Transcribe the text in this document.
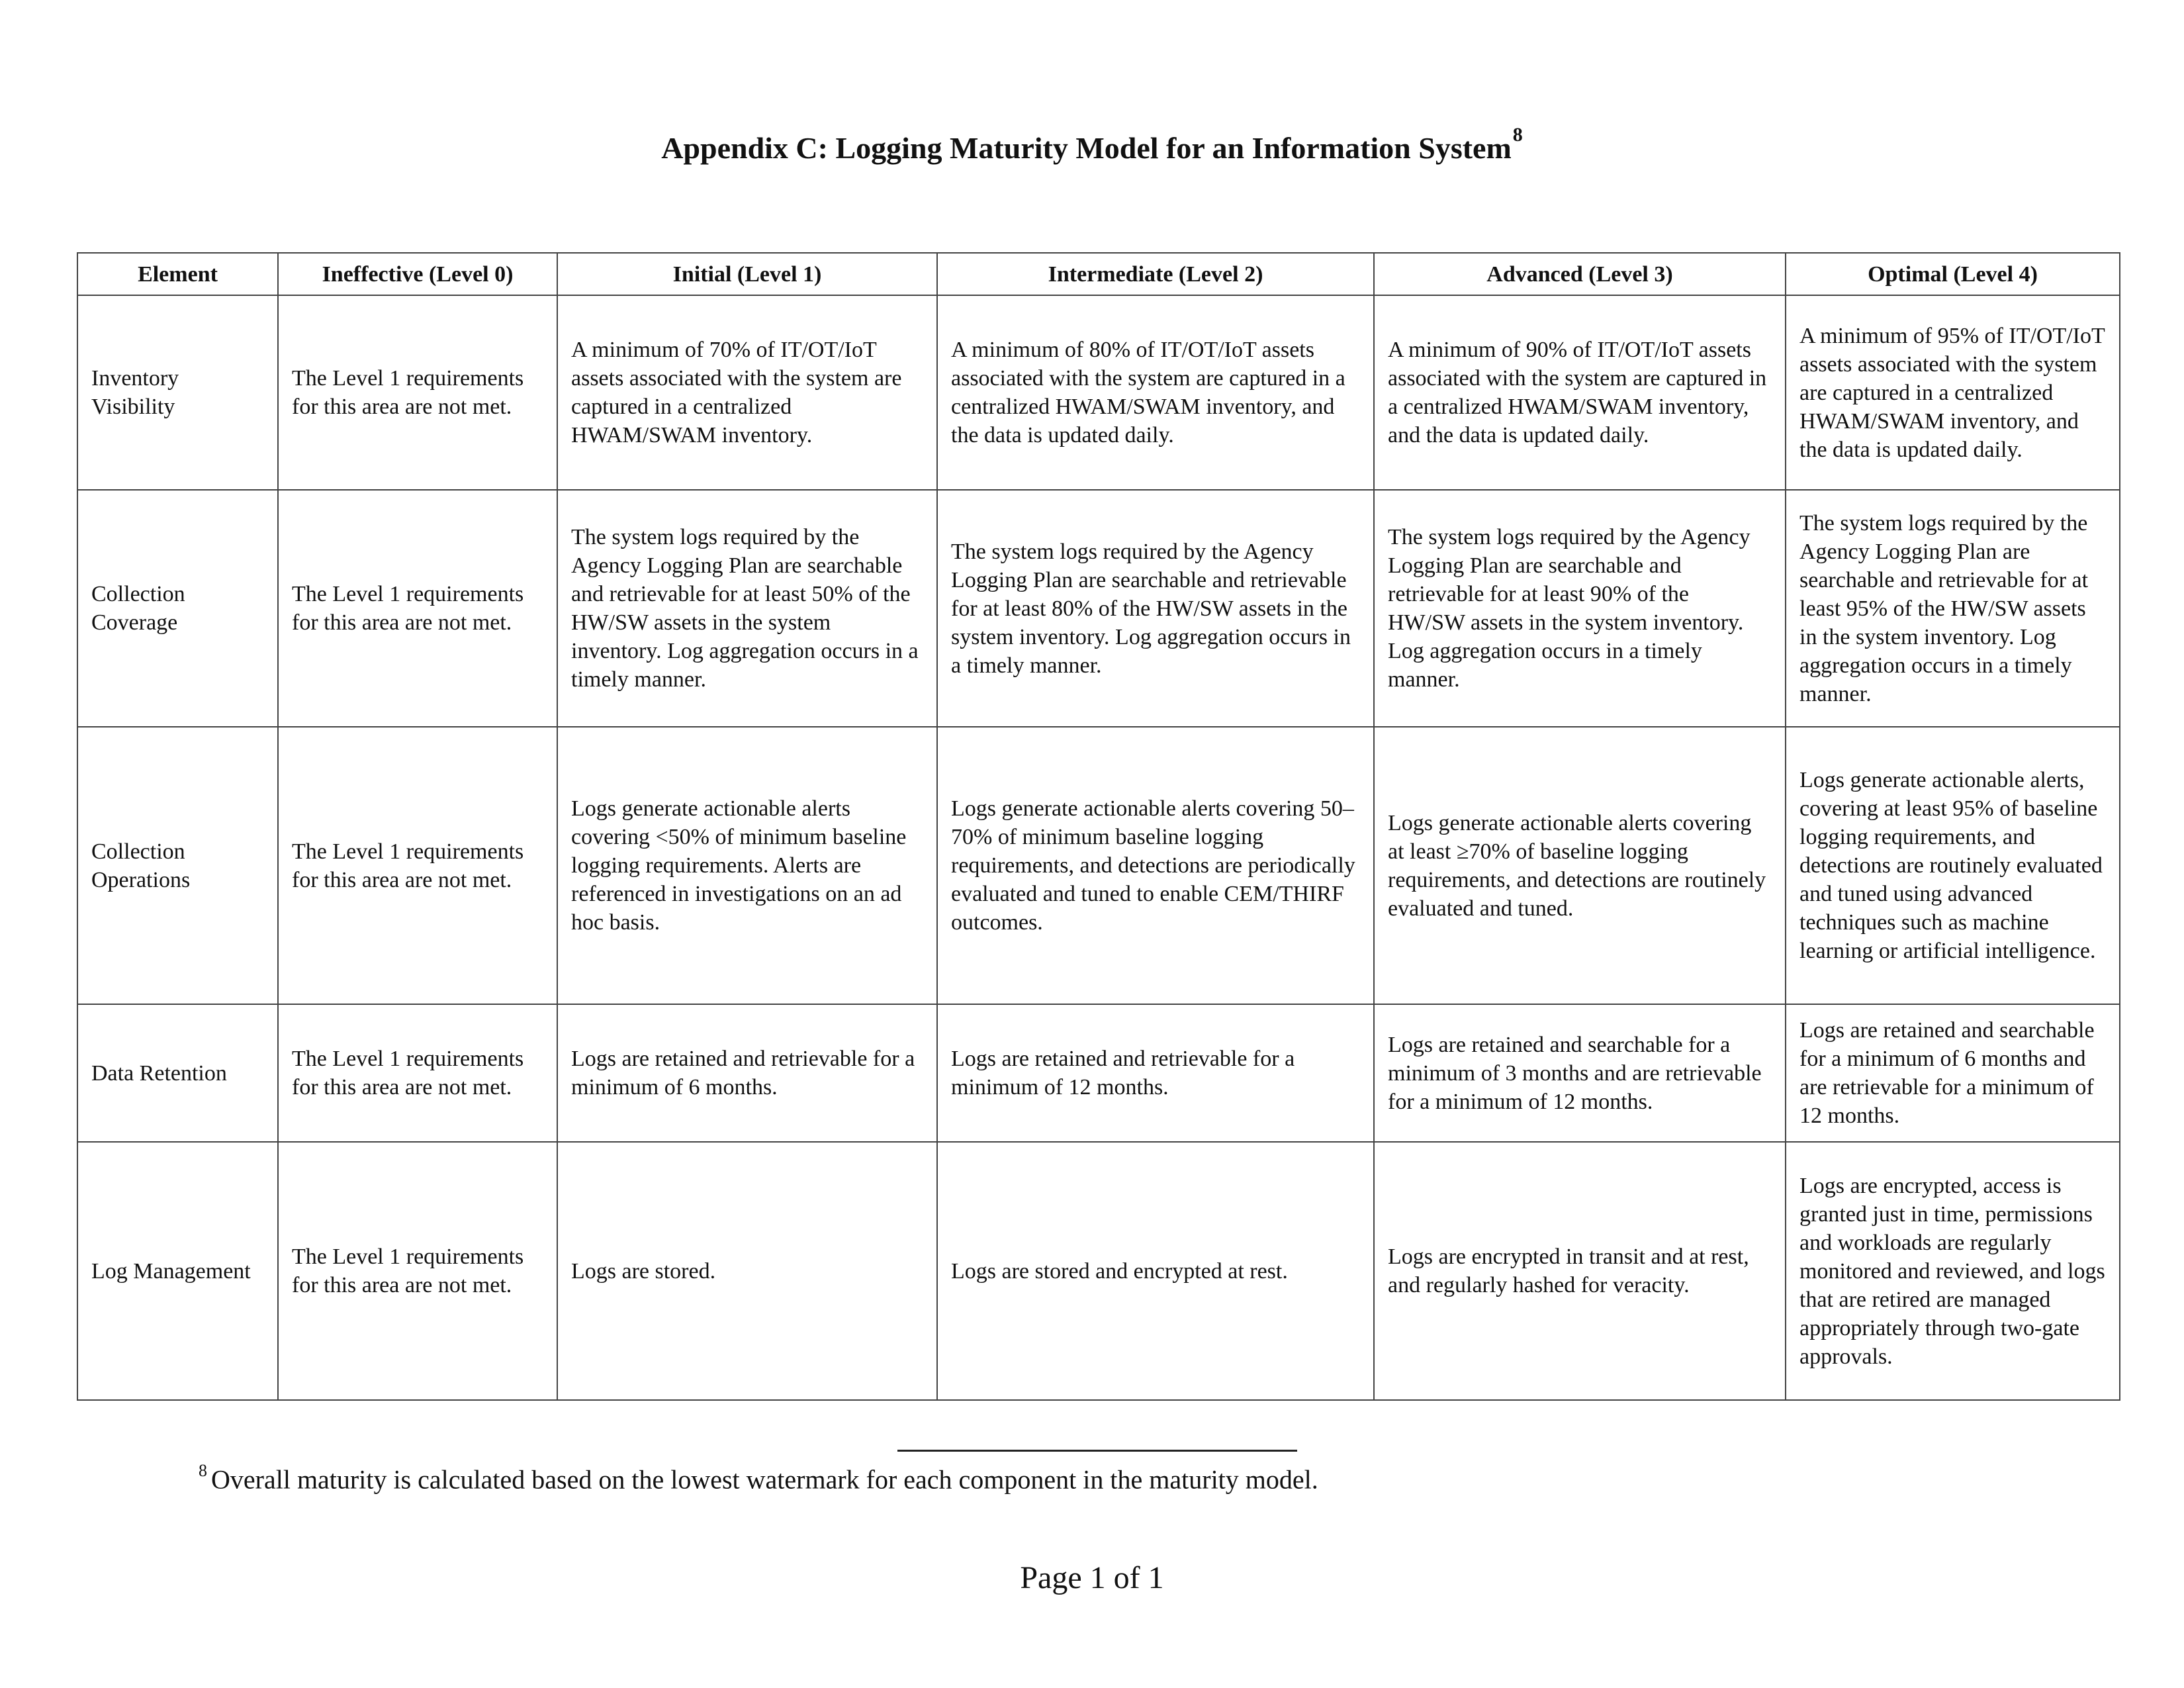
Appendix C: Logging Maturity Model for an Information System$^8$
Element	Ineffective (Level 0)	Initial (Level 1)	Intermediate (Level 2)	Advanced (Level 3)	Optimal (Level 4)
Inventory Visibility	The Level 1 requirements for this area are not met.	A minimum of 70% of IT/OT/IoT assets associated with the system are captured in a centralized HWAM/SWAM inventory.	A minimum of 80% of IT/OT/IoT assets associated with the system are captured in a centralized HWAM/SWAM inventory, and the data is updated daily.	A minimum of 90% of IT/OT/IoT assets associated with the system are captured in a centralized HWAM/SWAM inventory, and the data is updated daily.	A minimum of 95% of IT/OT/IoT assets associated with the system are captured in a centralized HWAM/SWAM inventory, and the data is updated daily.
Collection Coverage	The Level 1 requirements for this area are not met.	The system logs required by the Agency Logging Plan are searchable and retrievable for at least 50% of the HW/SW assets in the system inventory. Log aggregation occurs in a timely manner.	The system logs required by the Agency Logging Plan are searchable and retrievable for at least 80% of the HW/SW assets in the system inventory. Log aggregation occurs in a timely manner.	The system logs required by the Agency Logging Plan are searchable and retrievable for at least 90% of the HW/SW assets in the system inventory. Log aggregation occurs in a timely manner.	The system logs required by the Agency Logging Plan are searchable and retrievable for at least 95% of the HW/SW assets in the system inventory. Log aggregation occurs in a timely manner.
Collection Operations	The Level 1 requirements for this area are not met.	Logs generate actionable alerts covering <50% of minimum baseline logging requirements. Alerts are referenced in investigations on an ad hoc basis.	Logs generate actionable alerts covering 50–70% of minimum baseline logging requirements, and detections are periodically evaluated and tuned to enable CEM/THIRF outcomes.	Logs generate actionable alerts covering at least ≥70% of baseline logging requirements, and detections are routinely evaluated and tuned.	Logs generate actionable alerts, covering at least 95% of baseline logging requirements, and detections are routinely evaluated and tuned using advanced techniques such as machine learning or artificial intelligence.
Data Retention	The Level 1 requirements for this area are not met.	Logs are retained and retrievable for a minimum of 6 months.	Logs are retained and retrievable for a minimum of 12 months.	Logs are retained and searchable for a minimum of 3 months and are retrievable for a minimum of 12 months.	Logs are retained and searchable for a minimum of 6 months and are retrievable for a minimum of 12 months.
Log Management	The Level 1 requirements for this area are not met.	Logs are stored.	Logs are stored and encrypted at rest.	Logs are encrypted in transit and at rest, and regularly hashed for veracity.	Logs are encrypted, access is granted just in time, permissions and workloads are regularly monitored and reviewed, and logs that are retired are managed appropriately through two-gate approvals.
$^8$ Overall maturity is calculated based on the lowest watermark for each component in the maturity model.
Page 1 of 1
